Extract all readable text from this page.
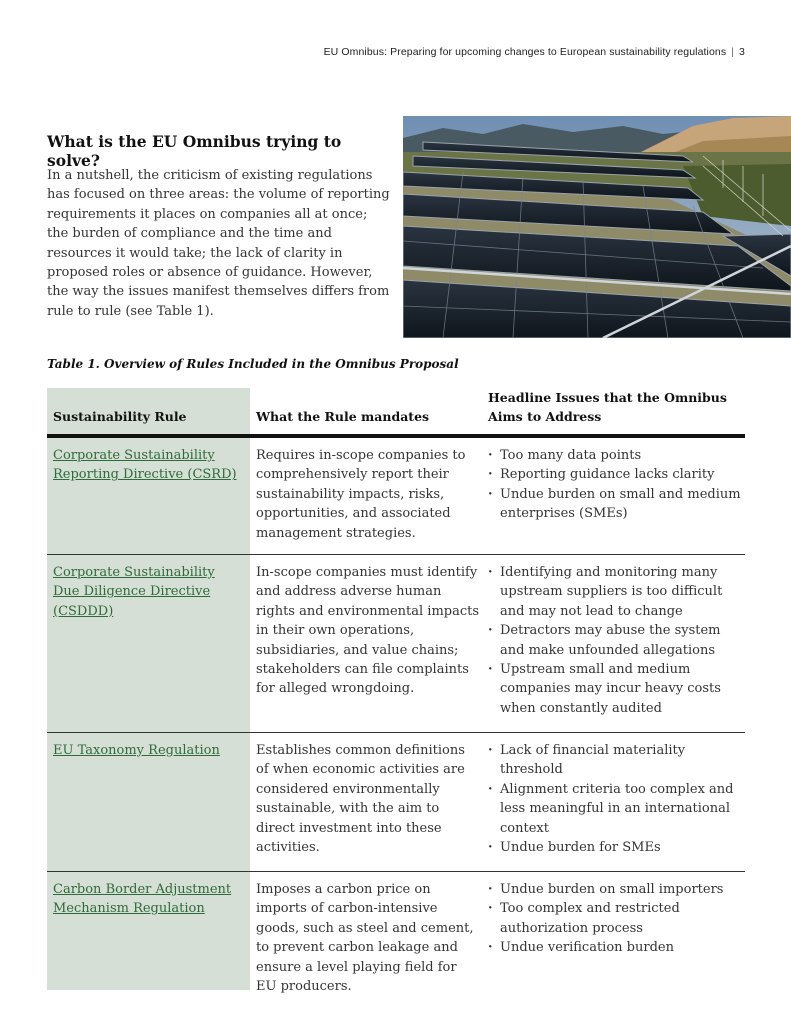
EU Omnibus: Preparing for upcoming changes to European sustainability regulations | 3
What is the EU Omnibus trying to solve?

In a nutshell, the criticism of existing regulations has focused on three areas: the volume of reporting requirements it places on companies all at once; the burden of compliance and the time and resources it would take; the lack of clarity in proposed roles or absence of guidance. However, the way the issues manifest themselves differs from rule to rule (see Table 1).

Table 1. Overview of Rules Included in the Omnibus Proposal

Sustainability Rule	What the Rule mandates
Headline Issues that the Omnibus Aims to Address
Corporate Sustainability Reporting Directive (CSRD)
Requires in-scope companies to comprehensively report their sustainability impacts, risks, opportunities, and associated management strategies.
· Too many data points
· Reporting guidance lacks clarity
· Undue burden on small and medium enterprises (SMEs)
Corporate Sustainability Due Diligence Directive (CSDDD)
In-scope companies must identify and address adverse human rights and environmental impacts in their own operations, subsidiaries, and value chains; stakeholders can file complaints for alleged wrongdoing.
· Identifying and monitoring many upstream suppliers is too difficult and may not lead to change
· Detractors may abuse the system and make unfounded allegations
· Upstream small and medium companies may incur heavy costs when constantly audited
EU Taxonomy Regulation	Establishes common definitions of when economic activities are considered environmentally sustainable, with the aim to direct investment into these activities.
· Lack of financial materiality threshold
· Alignment criteria too complex and less meaningful in an international context
· Undue burden for SMEs
Carbon Border Adjustment Mechanism Regulation
Imposes a carbon price on imports of carbon-intensive goods, such as steel and cement, to prevent carbon leakage and ensure a level playing field for EU producers.
· Undue burden on small importers
· Too complex and restricted authorization process
· Undue verification burden
